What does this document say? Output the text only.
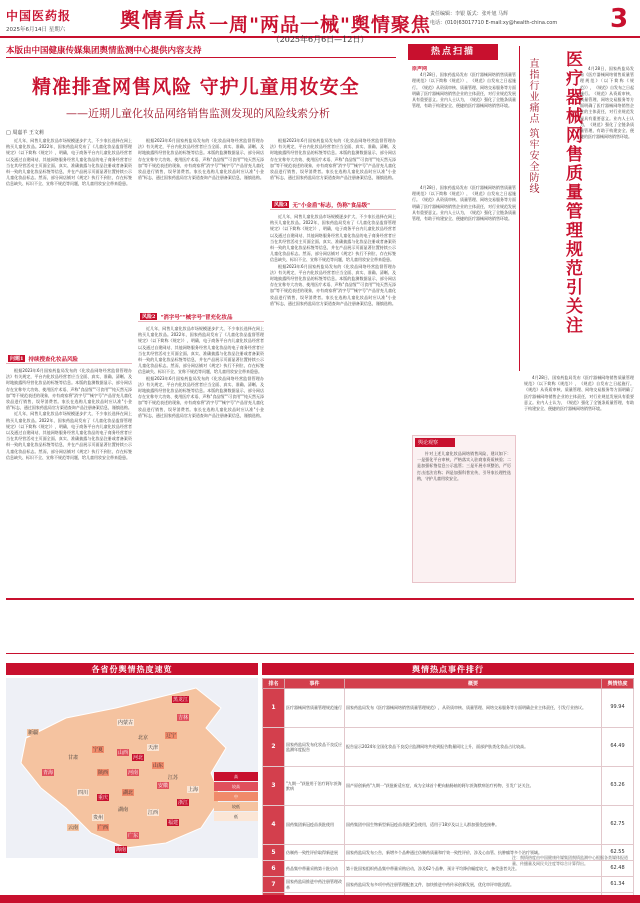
中国医药报
2025年6月14日 星期六	舆情看点	责任编辑：李银 版式：张叶旭 马辉
电话：(010)63017710 E-mail:xy@health-china.com 3
本版由中国健康传媒集团舆情监测中心提供内容支持
精准排查网售风险 守护儿童用妆安全
——近期儿童化妆品网络销售监测发现的风险线索分析
□ 周嘉羊 王文莉

近几年，网售儿童化妆品市场规模逐步扩大，不少家长选择在网上购买儿童化妆品。2022年，国家药监局发布了《儿童化妆品监督管理规定》（以下简称《规定》），明确，电子商务平台内儿童化妆品经营者以及通过自建网站、其他网络服务经营儿童化妆品的电子商务经营者应当在其经营活动主页面全面、真实、准确披露与化妆品注册或者备案资料一致的儿童化妆品标签等信息，并在产品展示页面显著位置持续公示儿童化妆品标志。然而，部分网店铺对《规定》执行不到位，存在标签信息缺失、标识不全、宣称不规范等问题，给儿童用妆安全带来隐患。

问题1 持续搜查化妆品风险

根据2023年6月国家药监局发布的《化妆品网络经营监督管理办法》有关规定，平台内化妆品经营者应当全面、真实、准确、清晰、及时地披露所经营化妆品的标签等信息。本版的监测数据显示，部分网店存在宣称夸大功效、使用医疗术语、声称"食品级""可食用""纯天然无添加"等不规范表述的现象，亦有商家将"消字号""械字号"产品冒充儿童化妆品进行销售，误导消费者。家长在选购儿童化妆品时应认准"小金盾"标志，通过国家药监局官方渠道查询产品注册备案信息，谨慎选购。

近几年，网售儿童化妆品市场规模逐步扩大，不少家长选择在网上购买儿童化妆品。2022年，国家药监局发布了《儿童化妆品监督管理规定》（以下简称《规定》），明确，电子商务平台内儿童化妆品经营者以及通过自建网站、其他网络服务经营儿童化妆品的电子商务经营者应当在其经营活动主页面全面、真实、准确披露与化妆品注册或者备案资料一致的儿童化妆品标签等信息，并在产品展示页面显著位置持续公示儿童化妆品标志。然而，部分网店铺对《规定》执行不到位，存在标签信息缺失、标识不全、宣称不规范等问题，给儿童用妆安全带来隐患。

根据2023年6月国家药监局发布的《化妆品网络经营监督管理办法》有关规定，平台内化妆品经营者应当全面、真实、准确、清晰、及时地披露所经营化妆品的标签等信息。本版的监测数据显示，部分网店存在宣称夸大功效、使用医疗术语、声称"食品级""可食用""纯天然无添加"等不规范表述的现象，亦有商家将"消字号""械字号"产品冒充儿童化妆品进行销售，误导消费者。家长在选购儿童化妆品时应认准"小金盾"标志，通过国家药监局官方渠道查询产品注册备案信息，谨慎选购。

风险2 "消字号""械字号"冒充化妆品

近几年，网售儿童化妆品市场规模逐步扩大，不少家长选择在网上购买儿童化妆品。2022年，国家药监局发布了《儿童化妆品监督管理规定》（以下简称《规定》），明确，电子商务平台内儿童化妆品经营者以及通过自建网站、其他网络服务经营儿童化妆品的电子商务经营者应当在其经营活动主页面全面、真实、准确披露与化妆品注册或者备案资料一致的儿童化妆品标签等信息，并在产品展示页面显著位置持续公示儿童化妆品标志。然而，部分网店铺对《规定》执行不到位，存在标签信息缺失、标识不全、宣称不规范等问题，给儿童用妆安全带来隐患。

根据2023年6月国家药监局发布的《化妆品网络经营监督管理办法》有关规定，平台内化妆品经营者应当全面、真实、准确、清晰、及时地披露所经营化妆品的标签等信息。本版的监测数据显示，部分网店存在宣称夸大功效、使用医疗术语、声称"食品级""可食用""纯天然无添加"等不规范表述的现象，亦有商家将"消字号""械字号"产品冒充儿童化妆品进行销售，误导消费者。家长在选购儿童化妆品时应认准"小金盾"标志，通过国家药监局官方渠道查询产品注册备案信息，谨慎选购。

根据2023年6月国家药监局发布的《化妆品网络经营监督管理办法》有关规定，平台内化妆品经营者应当全面、真实、准确、清晰、及时地披露所经营化妆品的标签等信息。本版的监测数据显示，部分网店存在宣称夸大功效、使用医疗术语、声称"食品级""可食用""纯天然无添加"等不规范表述的现象，亦有商家将"消字号""械字号"产品冒充儿童化妆品进行销售，误导消费者。家长在选购儿童化妆品时应认准"小金盾"标志，通过国家药监局官方渠道查询产品注册备案信息，谨慎选购。

风险3 无"小金盾"标志，伪称"食品级"

近几年，网售儿童化妆品市场规模逐步扩大，不少家长选择在网上购买儿童化妆品。2022年，国家药监局发布了《儿童化妆品监督管理规定》（以下简称《规定》），明确，电子商务平台内儿童化妆品经营者以及通过自建网站、其他网络服务经营儿童化妆品的电子商务经营者应当在其经营活动主页面全面、真实、准确披露与化妆品注册或者备案资料一致的儿童化妆品标签等信息，并在产品展示页面显著位置持续公示儿童化妆品标志。然而，部分网店铺对《规定》执行不到位，存在标签信息缺失、标识不全、宣称不规范等问题，给儿童用妆安全带来隐患。

根据2023年6月国家药监局发布的《化妆品网络经营监督管理办法》有关规定，平台内化妆品经营者应当全面、真实、准确、清晰、及时地披露所经营化妆品的标签等信息。本版的监测数据显示，部分网店存在宣称夸大功效、使用医疗术语、声称"食品级""可食用""纯天然无添加"等不规范表述的现象，亦有商家将"消字号""械字号"产品冒充儿童化妆品进行销售，误导消费者。家长在选购儿童化妆品时应认准"小金盾"标志，通过国家药监局官方渠道查询产品注册备案信息，谨慎选购。

热点扫描	医疗器械网售质量管理规范引关注
直指行业痛点 筑牢安全防线

原声网

4月28日，国家药监局发布《医疗器械网络销售质量管理规范》（以下简称《规范》），《规范》自发布之日起施行。《规范》从资质审核、质量管理、网络交易服务等方面明确了医疗器械网络销售企业的主体责任，对行业规范发展具有重要意义。业内人士认为，《规范》强化了全链条质量管理，有助于构建安全、便捷的医疗器械网络销售环境。

4月28日，国家药监局发布《医疗器械网络销售质量管理规范》（以下简称《规范》），《规范》自发布之日起施行。《规范》从资质审核、质量管理、网络交易服务等方面明确了医疗器械网络销售企业的主体责任，对行业规范发展具有重要意义。业内人士认为，《规范》强化了全链条质量管理，有助于构建安全、便捷的医疗器械网络销售环境。

舆论观察

针对上述儿童化妆品网络销售风险，建议如下：一是强化平台审核，严格落实入驻商家资质核验；二是加强标签信息公示监管；三是开展专项整治，严厉打击违法宣称；四是加强科普宣传，引导家长理性选购，守护儿童用妆安全。

4月28日，国家药监局发布《医疗器械网络销售质量管理规范》（以下简称《规范》），《规范》自发布之日起施行。《规范》从资质审核、质量管理、网络交易服务等方面明确了医疗器械网络销售企业的主体责任，对行业规范发展具有重要意义。业内人士认为，《规范》强化了全链条质量管理，有助于构建安全、便捷的医疗器械网络销售环境。

4月28日，国家药监局发布《医疗器械网络销售质量管理规范》（以下简称《规范》），《规范》自发布之日起施行。《规范》从资质审核、质量管理、网络交易服务等方面明确了医疗器械网络销售企业的主体责任，对行业规范发展具有重要意义。业内人士认为，《规范》强化了全链条质量管理，有助于构建安全、便捷的医疗器械网络销售环境。

一周"两品一械"舆情聚焦
（2025年6月6日—12日）
各省份舆情热度速览	舆情热点事件排行
黑龙江
吉林
辽宁
北京
天津
河北
山西
陕西
甘肃
四川
重庆
河南
山东
江苏
上海
浙江
安徽
湖北
湖南	江西
福建
广东
广西
云南
贵州
海南
青海
宁夏
新疆
内蒙古
高
较高
中
较低
低
排名	事件	概要	舆情热度
1	医疗器械网售质量管理规范施行	国家药监局发布《医疗器械网络销售质量管理规范》，从资质审核、质量管理、网络交易服务等方面明确企业主体责任，引发行业热议。	99.94
2	国家药监局发布化妆品不良反应监测年度报告	报告显示2024年全国化妆品不良反应监测网络共收到报告数量同比上升，面部护肤类化妆品占比较高。	64.49
3	"九期一"获批用于治疗阿尔茨海默病	国产原创新药"九期一"获批新适应症，成为全球首个靶向脑肠轴的阿尔茨海默病治疗药物，引发广泛关注。	63.26
4	国药集团新冠疫苗获批使用	国药集团中国生物新型新冠疫苗获批紧急使用，适用于18岁及以上人群加强免疫接种。	62.75
5	仿制药一致性评价取得新进展	国家药监局发布公告，新增多个品种通过仿制药质量和疗效一致性评价，涉及心血管、抗肿瘤等多个治疗领域。	62.55
6	药品集中带量采购第十批启动	第十批国家组织药品集中带量采购启动，涉及62个品种，预计平均降价幅度较大，备受患者关注。	62.48
7	国家药监局推进中药注册管理改革	国家药监局发布多项中药注册管理配套文件，加快推进中药传承创新发展，优化审评审批流程。	61.34

注：舆情热度由中国健康传媒集团舆情监测中心根据各类媒体报道量、传播量及网民关注度等综合计算得出。
